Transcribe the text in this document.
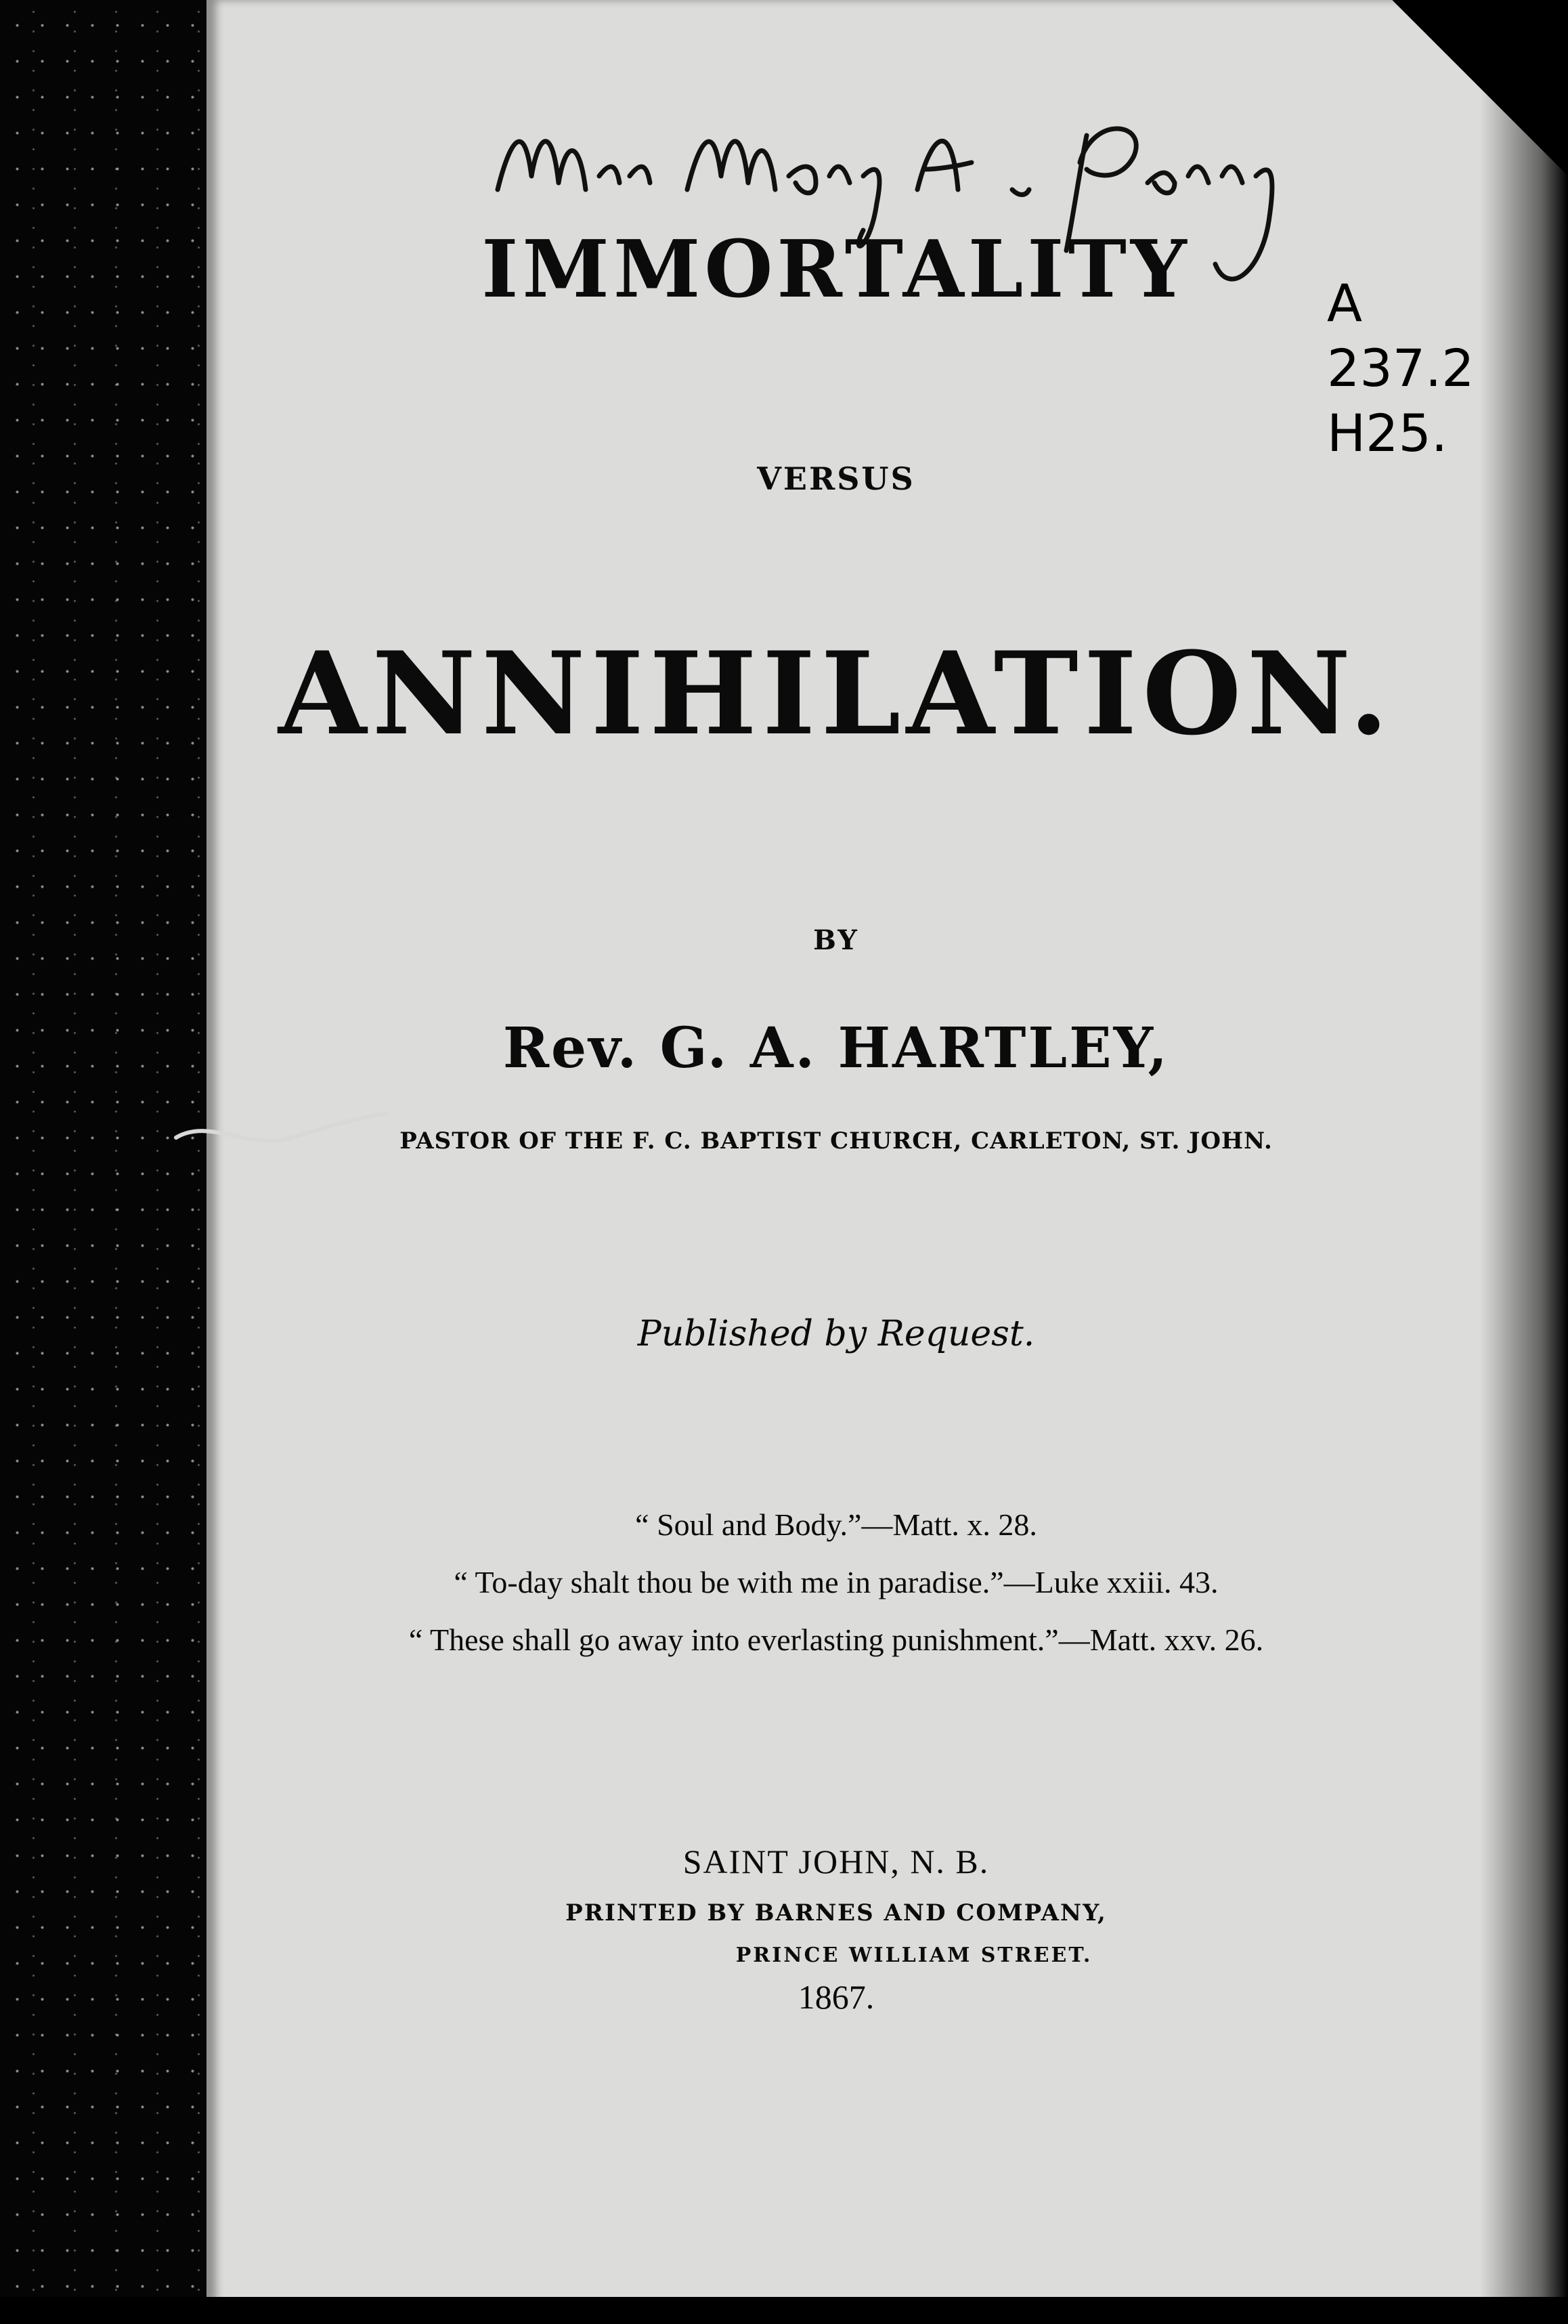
A
237.2
H25.
IMMORTALITY
VERSUS
ANNIHILATION.
BY
Rev. G. A. HARTLEY,
PASTOR OF THE F. C. BAPTIST CHURCH, CARLETON, ST. JOHN.
Published by Request.
“ Soul and Body.”—Matt. x. 28.
“ To-day shalt thou be with me in paradise.”—Luke xxiii. 43.
“ These shall go away into everlasting punishment.”—Matt. xxv. 26.
SAINT JOHN, N. B.
PRINTED BY BARNES AND COMPANY,
PRINCE WILLIAM STREET.
1867.
